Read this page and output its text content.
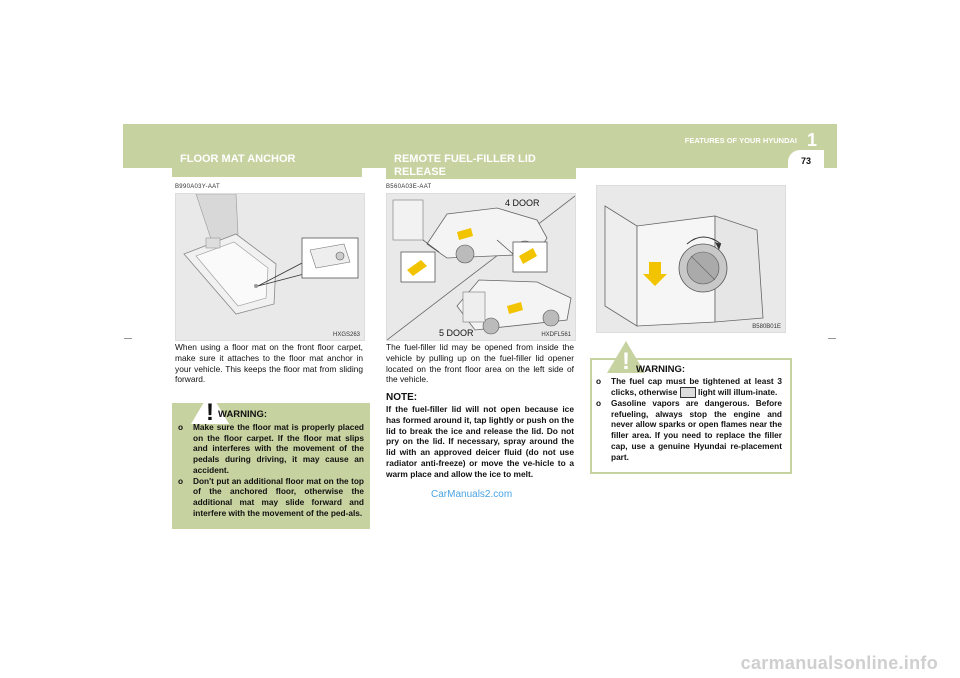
FEATURES OF YOUR HYUNDAI 1
73
FLOOR MAT ANCHOR	REMOTE FUEL-FILLER LID
RELEASE
B990A03Y-AAT
HXGS263
When using a floor mat on the front floor carpet, make sure it attaches to the floor mat anchor in your vehicle. This keeps the floor mat from sliding forward.
! WARNING:
o Make sure the floor mat is properly placed on the floor carpet. If the floor mat slips and interferes with the movement of the pedals during driving, it may cause an accident.
o Don't put an additional floor mat on the top of the anchored floor, otherwise the additional mat may slide forward and interfere with the movement of the ped-als.
B560A03E-AAT
4 DOOR
5 DOOR	HXDFL561
The fuel-filler lid may be opened from inside the vehicle by pulling up on the fuel-filler lid opener located on the front floor area on the left side of the vehicle.
NOTE:
If the fuel-filler lid will not open because ice has formed around it, tap lightly or push on the lid to break the ice and release the lid. Do not pry on the lid. If necessary, spray around the lid with an approved deicer fluid (do not use radiator anti-freeze) or move the ve-hicle to a warm place and allow the ice to melt.
CarManuals2.com
B580B01E
! WARNING:
o The fuel cap must be tightened at least 3 clicks, otherwise light will illum-inate.
o Gasoline vapors are dangerous. Before refueling, always stop the engine and never allow sparks or open flames near the filler area. If you need to replace the filler cap, use a genuine Hyundai re-placement part.
carmanualsonline.info
